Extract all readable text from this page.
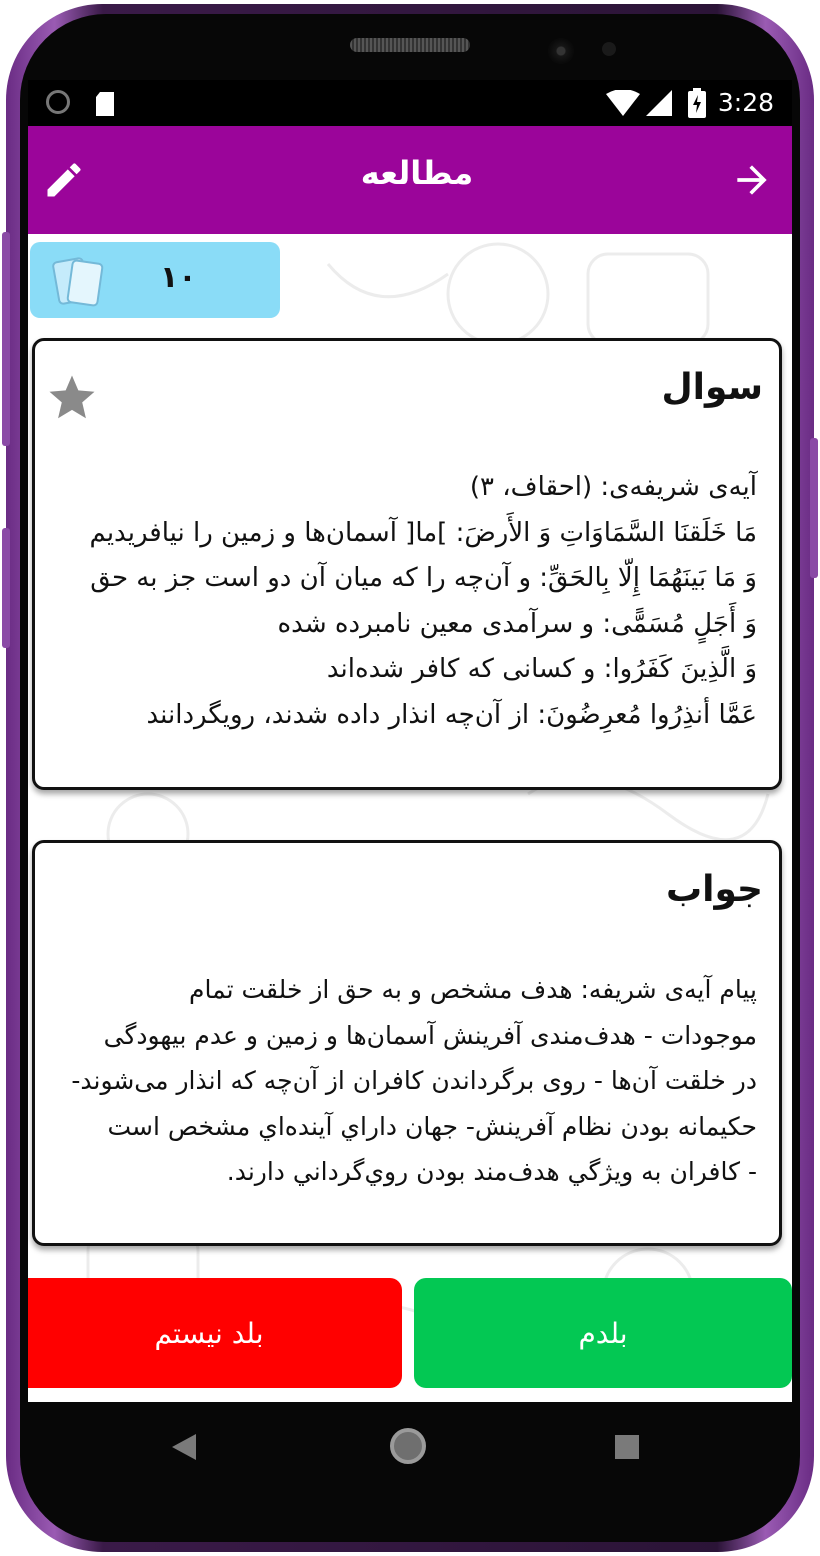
3:28
مطالعه
۱۰
سوال
آیه‌ی شریفه‌ی: (احقاف، ۳)
مَا خَلَقنَا السَّمَاوَاتِ وَ الأَرضَ: ]ما[ آسمان‌ها و زمین را نیافریدیم
وَ مَا بَینَهُمَا إِلّا بِالحَقِّ: و آن‌چه را که میان آن دو است جز به حق
وَ أَجَلٍ مُسَمًّی: و سرآمدی معین نامبرده شده
وَ الَّذِینَ کَفَرُوا: و کسانی که کافر شده‌اند
عَمَّا أنذِرُوا مُعرِضُونَ: از آن‌چه انذار داده شدند، رویگردانند
جواب
پیام آیه‌ی شریفه: هدف مشخص و به حق از خلقت تمام
موجودات - هدف‌مندی آفرینش آسمان‌ها و زمین و عدم بیهودگی
در خلقت آن‌ها - روی برگرداندن کافران از آن‌چه که انذار می‌شوند-
حکیمانه بودن نظام آفرینش- جهان داراي آينده‌اي مشخص است
- کافران به ويژگي هدف‌مند بودن روي‌گرداني دارند.
بلد نیستم	بلدم
